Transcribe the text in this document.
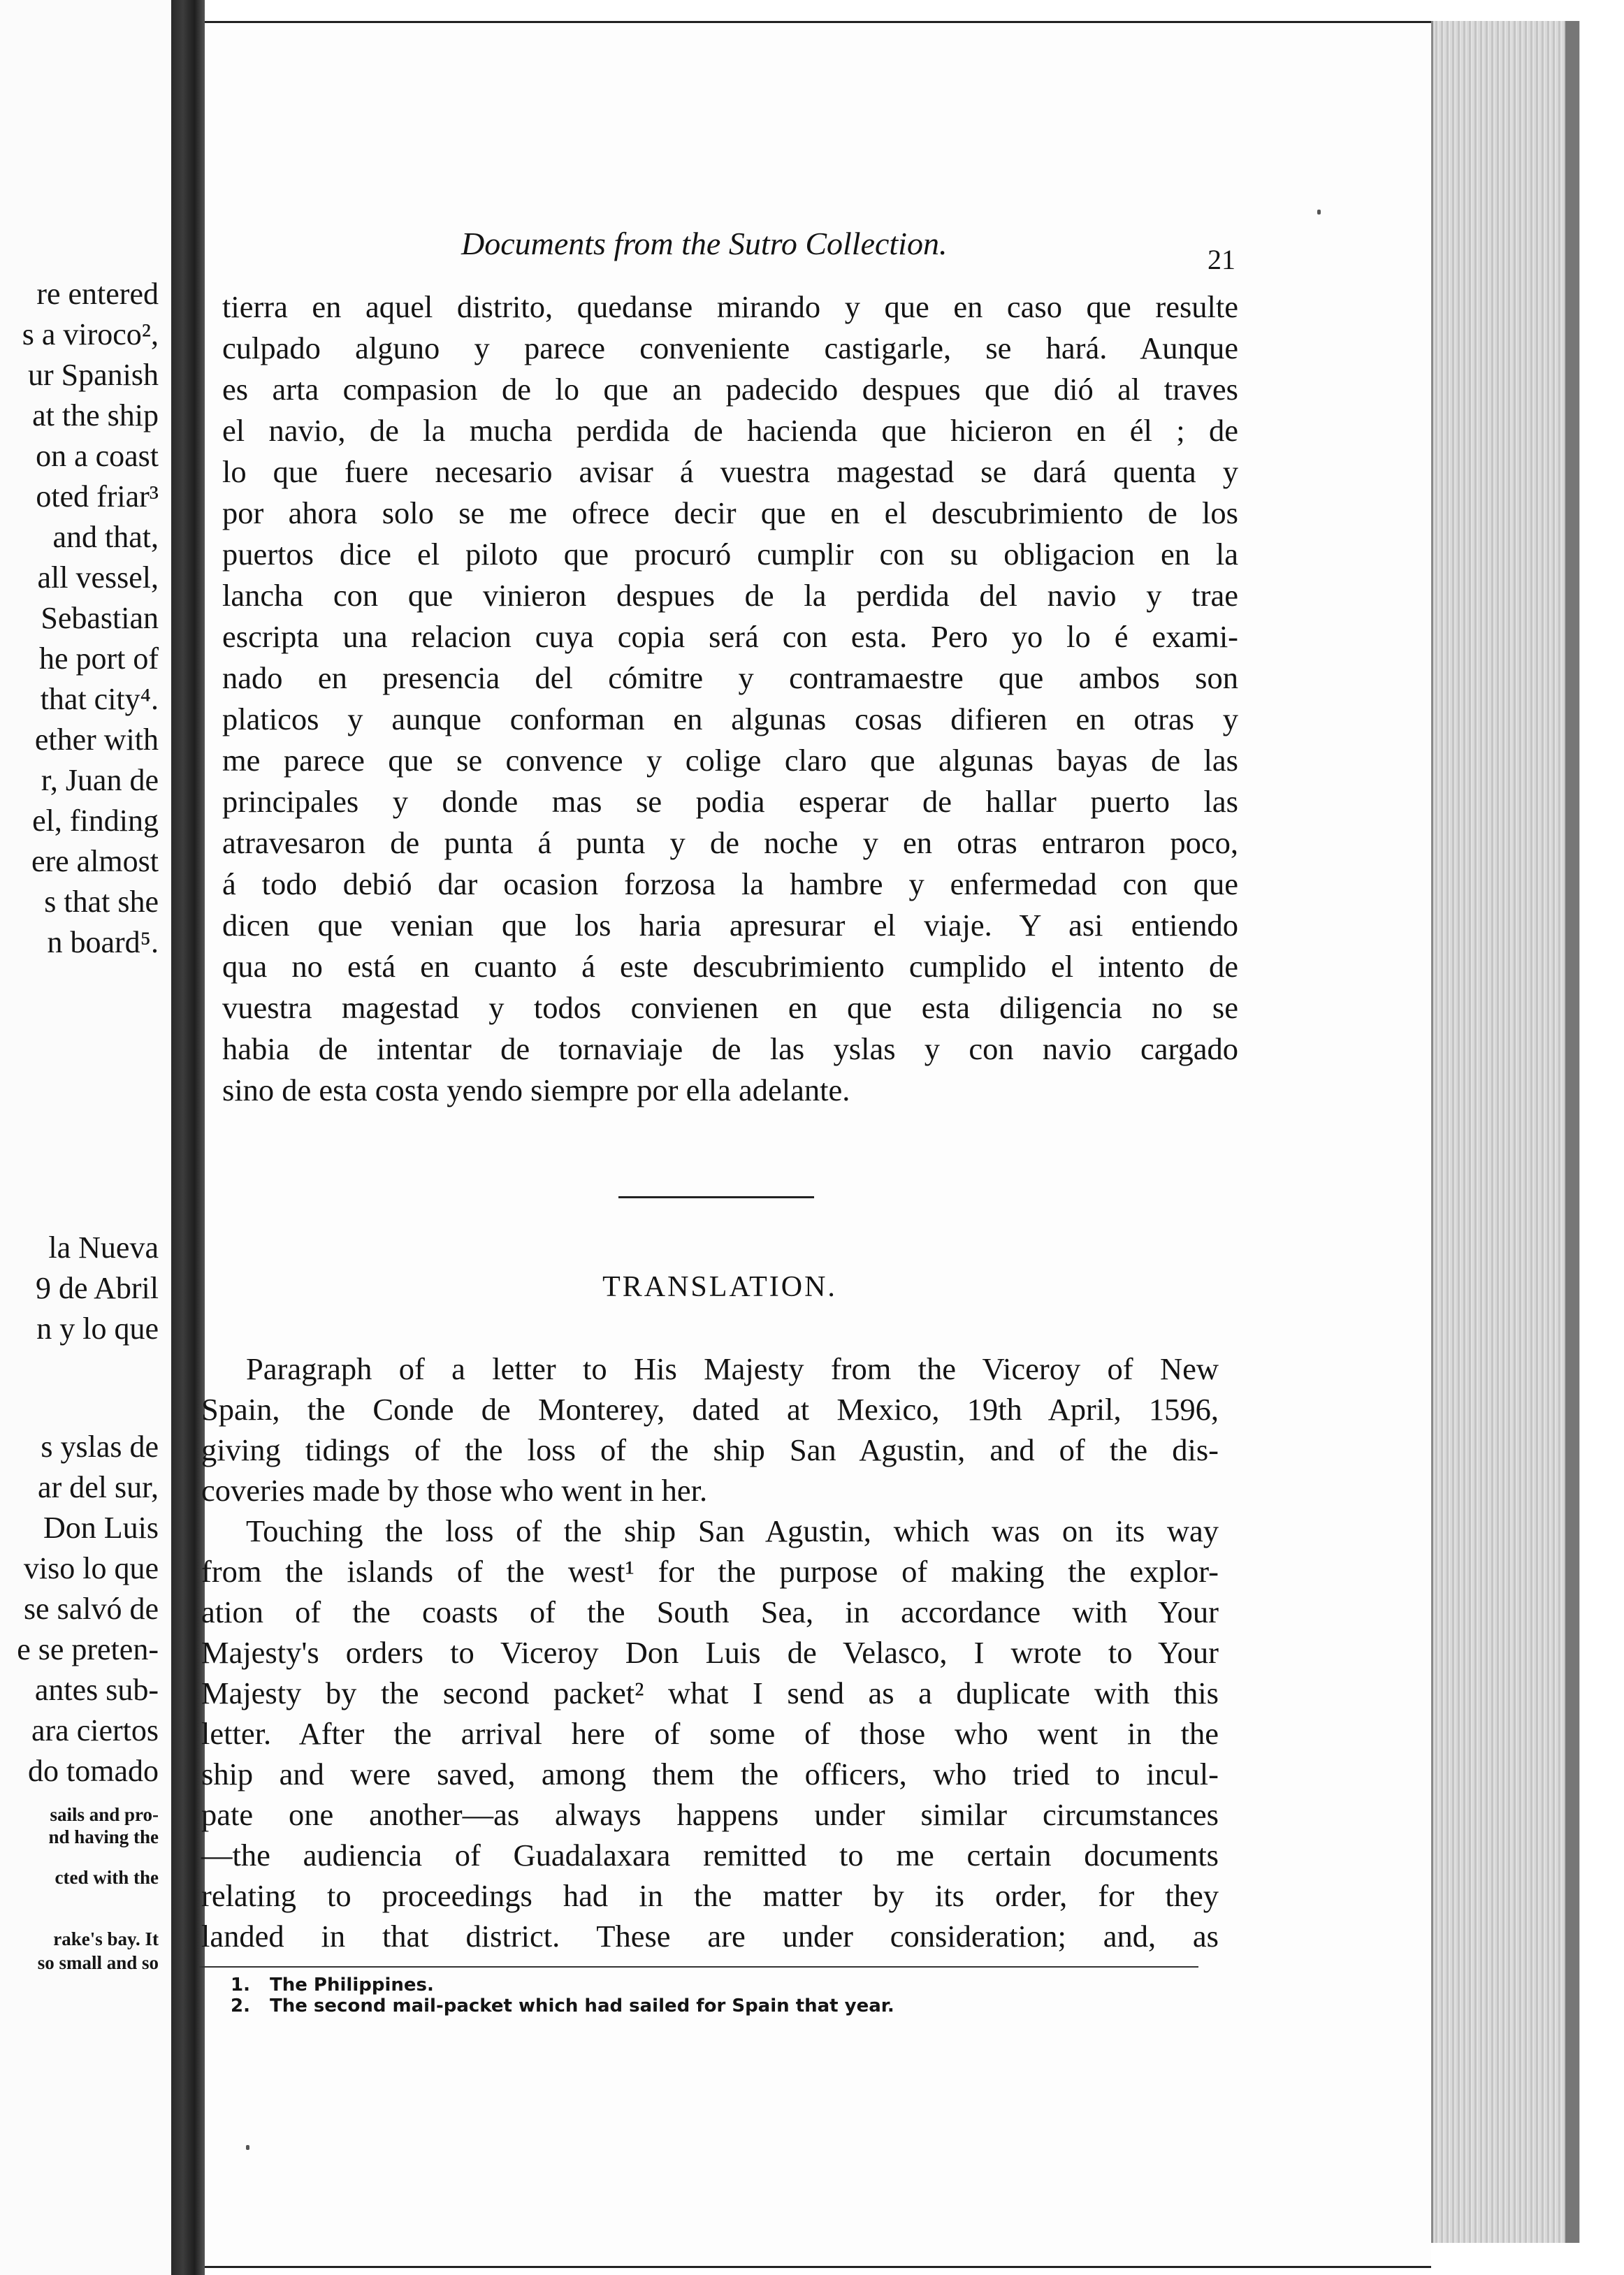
re entered
s a viroco²,
ur Spanish
at the ship
on a coast
oted friar³
and that,
all vessel,
Sebastian
he port of
that city⁴.
ether with
r, Juan de
el, finding
ere almost
s that she
n board⁵.
la Nueva
9 de Abril
n y lo que
s yslas de
ar del sur,
Don Luis
viso lo que
se salvó de
e se preten-
antes sub-
ara ciertos
do tomado
sails and pro-
nd having the
cted with the
rake's bay. It
so small and so
Documents from the Sutro Collection.	21
tierra en aquel distrito, quedanse mirando y que en caso que resulte
culpado alguno y parece conveniente castigarle, se hará. Aunque
es arta compasion de lo que an padecido despues que dió al traves
el navio, de la mucha perdida de hacienda que hicieron en él ; de
lo que fuere necesario avisar á vuestra magestad se dará quenta y
por ahora solo se me ofrece decir que en el descubrimiento de los
puertos dice el piloto que procuró cumplir con su obligacion en la
lancha con que vinieron despues de la perdida del navio y trae
escripta una relacion cuya copia será con esta. Pero yo lo é exami-
nado en presencia del cómitre y contramaestre que ambos son
platicos y aunque conforman en algunas cosas difieren en otras y
me parece que se convence y colige claro que algunas bayas de las
principales y donde mas se podia esperar de hallar puerto las
atravesaron de punta á punta y de noche y en otras entraron poco,
á todo debió dar ocasion forzosa la hambre y enfermedad con que
dicen que venian que los haria apresurar el viaje. Y asi entiendo
qua no está en cuanto á este descubrimiento cumplido el intento de
vuestra magestad y todos convienen en que esta diligencia no se
habia de intentar de tornaviaje de las yslas y con navio cargado
sino de esta costa yendo siempre por ella adelante.
TRANSLATION.
Paragraph of a letter to His Majesty from the Viceroy of New
Spain, the Conde de Monterey, dated at Mexico, 19th April, 1596,
giving tidings of the loss of the ship San Agustin, and of the dis-
coveries made by those who went in her.
Touching the loss of the ship San Agustin, which was on its way
from the islands of the west¹ for the purpose of making the explor-
ation of the coasts of the South Sea, in accordance with Your
Majesty's orders to Viceroy Don Luis de Velasco, I wrote to Your
Majesty by the second packet² what I send as a duplicate with this
letter. After the arrival here of some of those who went in the
ship and were saved, among them the officers, who tried to incul-
pate one another—as always happens under similar circumstances
—the audiencia of Guadalaxara remitted to me certain documents
relating to proceedings had in the matter by its order, for they
landed in that district. These are under consideration; and, as
1. The Philippines.
2. The second mail-packet which had sailed for Spain that year.
